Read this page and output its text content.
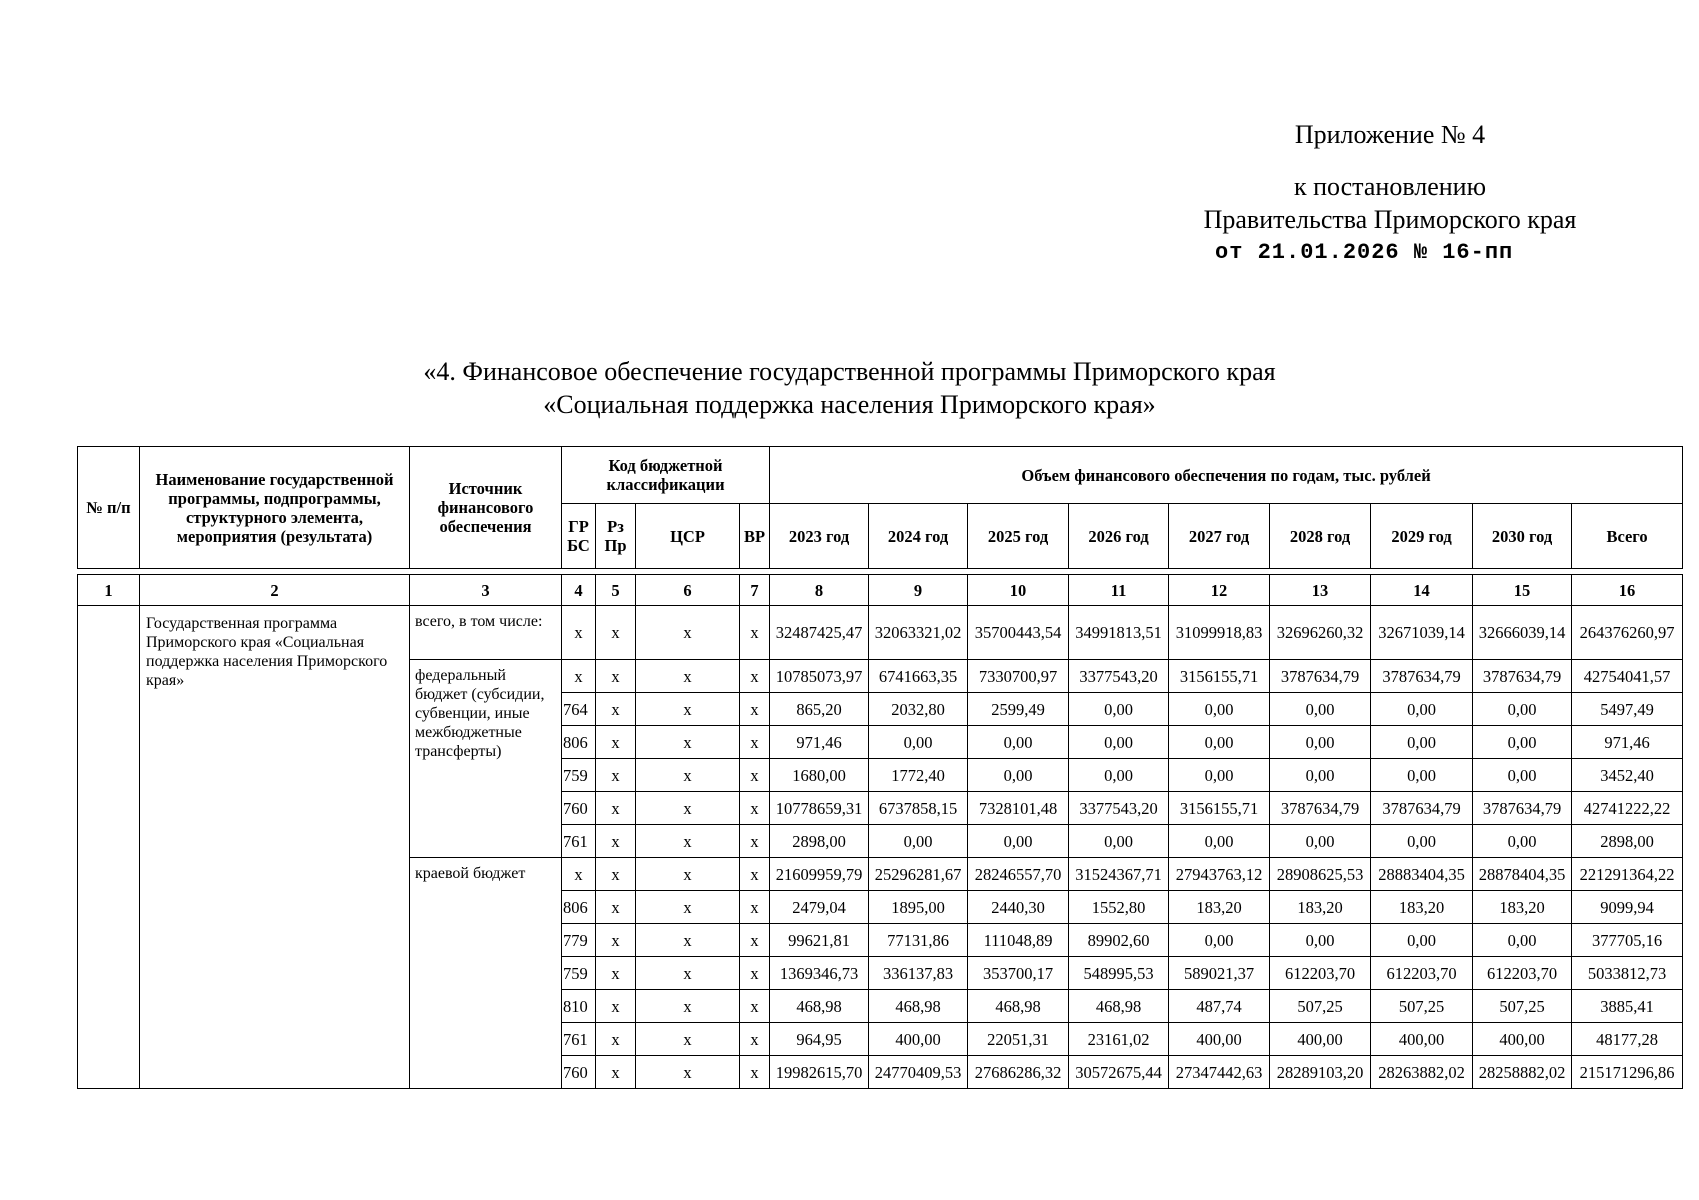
Приложение № 4
к постановлению
Правительства Приморского края
от 21.01.2026 № 16-пп
«4. Финансовое обеспечение государственной программы Приморского края
«Социальная поддержка населения Приморского края»
№ п/п	Наименование государственной программы, подпрограммы, структурного элемента, мероприятия (результата)	Источник финансового обеспечения	Код бюджетной классификации				Объем финансового обеспечения по годам, тыс. рублей								
			ГР БС	Рз Пр	ЦСР	ВР	2023 год	2024 год	2025 год	2026 год	2027 год	2028 год	2029 год	2030 год	Всего

1	2	3	4	5	6	7	8	9	10	11	12	13	14	15	16
	Государственная программа Приморского края «Социальная поддержка населения Приморского края»	всего, в том числе:	x	x	x	x	32487425,47	32063321,02	35700443,54	34991813,51	31099918,83	32696260,32	32671039,14	32666039,14	264376260,97
		федеральный бюджет (субсидии, субвенции, иные межбюджетные трансферты)	x	x	x	x	10785073,97	6741663,35	7330700,97	3377543,20	3156155,71	3787634,79	3787634,79	3787634,79	42754041,57
			764	x	x	x	865,20	2032,80	2599,49	0,00	0,00	0,00	0,00	0,00	5497,49
			806	x	x	x	971,46	0,00	0,00	0,00	0,00	0,00	0,00	0,00	971,46
			759	x	x	x	1680,00	1772,40	0,00	0,00	0,00	0,00	0,00	0,00	3452,40
			760	x	x	x	10778659,31	6737858,15	7328101,48	3377543,20	3156155,71	3787634,79	3787634,79	3787634,79	42741222,22
			761	x	x	x	2898,00	0,00	0,00	0,00	0,00	0,00	0,00	0,00	2898,00
		краевой бюджет	x	x	x	x	21609959,79	25296281,67	28246557,70	31524367,71	27943763,12	28908625,53	28883404,35	28878404,35	221291364,22
			806	x	x	x	2479,04	1895,00	2440,30	1552,80	183,20	183,20	183,20	183,20	9099,94
			779	x	x	x	99621,81	77131,86	111048,89	89902,60	0,00	0,00	0,00	0,00	377705,16
			759	x	x	x	1369346,73	336137,83	353700,17	548995,53	589021,37	612203,70	612203,70	612203,70	5033812,73
			810	x	x	x	468,98	468,98	468,98	468,98	487,74	507,25	507,25	507,25	3885,41
			761	x	x	x	964,95	400,00	22051,31	23161,02	400,00	400,00	400,00	400,00	48177,28
			760	x	x	x	19982615,70	24770409,53	27686286,32	30572675,44	27347442,63	28289103,20	28263882,02	28258882,02	215171296,86
